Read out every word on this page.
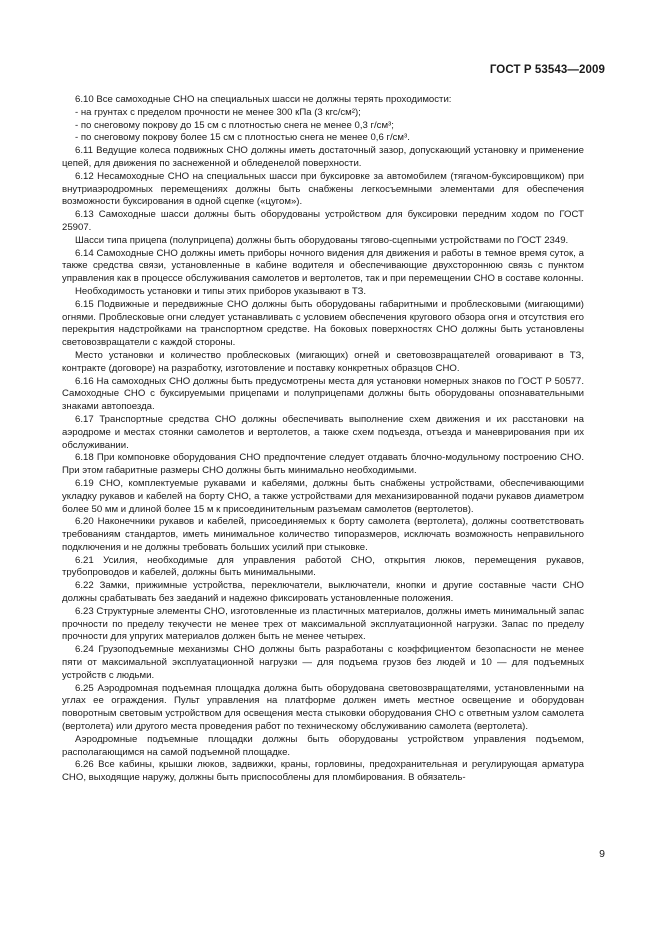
ГОСТ Р 53543—2009

6.10 Все самоходные СНО на специальных шасси не должны терять проходимости:

- на грунтах с пределом прочности не менее 300 кПа (3 кгс/см²);

- по снеговому покрову до 15 см с плотностью снега не менее 0,3 г/см³;

- по снеговому покрову более 15 см с плотностью снега не менее 0,6 г/см³.

6.11 Ведущие колеса подвижных СНО должны иметь достаточный зазор, допускающий установку и применение цепей, для движения по заснеженной и обледенелой поверхности.

6.12 Несамоходные СНО на специальных шасси при буксировке за автомобилем (тягачом-буксировщиком) при внутриаэродромных перемещениях должны быть снабжены легкосъемными элементами для обеспечения возможности буксирования в одной сцепке («цугом»).

6.13 Самоходные шасси должны быть оборудованы устройством для буксировки передним ходом по ГОСТ 25907.

Шасси типа прицепа (полуприцепа) должны быть оборудованы тягово-сцепными устройствами по ГОСТ 2349.

6.14 Самоходные СНО должны иметь приборы ночного видения для движения и работы в темное время суток, а также средства связи, установленные в кабине водителя и обеспечивающие двухстороннюю связь с пунктом управления как в процессе обслуживания самолетов и вертолетов, так и при перемещении СНО в составе колонны.

Необходимость установки и типы этих приборов указывают в ТЗ.

6.15 Подвижные и передвижные СНО должны быть оборудованы габаритными и проблесковыми (мигающими) огнями. Проблесковые огни следует устанавливать с условием обеспечения кругового обзора огня и отсутствия его перекрытия надстройками на транспортном средстве. На боковых поверхностях СНО должны быть установлены световозвращатели с каждой стороны.

Место установки и количество проблесковых (мигающих) огней и световозвращателей оговаривают в ТЗ, контракте (договоре) на разработку, изготовление и поставку конкретных образцов СНО.

6.16 На самоходных СНО должны быть предусмотрены места для установки номерных знаков по ГОСТ Р 50577. Самоходные СНО с буксируемыми прицепами и полуприцепами должны быть оборудованы опознавательными знаками автопоезда.

6.17 Транспортные средства СНО должны обеспечивать выполнение схем движения и их расстановки на аэродроме и местах стоянки самолетов и вертолетов, а также схем подъезда, отъезда и маневрирования при их обслуживании.

6.18 При компоновке оборудования СНО предпочтение следует отдавать блочно-модульному построению СНО. При этом габаритные размеры СНО должны быть минимально необходимыми.

6.19 СНО, комплектуемые рукавами и кабелями, должны быть снабжены устройствами, обеспечивающими укладку рукавов и кабелей на борту СНО, а также устройствами для механизированной подачи рукавов диаметром более 50 мм и длиной более 15 м к присоединительным разъемам самолетов (вертолетов).

6.20 Наконечники рукавов и кабелей, присоединяемых к борту самолета (вертолета), должны соответствовать требованиям стандартов, иметь минимальное количество типоразмеров, исключать возможность неправильного подключения и не должны требовать больших усилий при стыковке.

6.21 Усилия, необходимые для управления работой СНО, открытия люков, перемещения рукавов, трубопроводов и кабелей, должны быть минимальными.

6.22 Замки, прижимные устройства, переключатели, выключатели, кнопки и другие составные части СНО должны срабатывать без заеданий и надежно фиксировать установленные положения.

6.23 Структурные элементы СНО, изготовленные из пластичных материалов, должны иметь минимальный запас прочности по пределу текучести не менее трех от максимальной эксплуатационной нагрузки. Запас по пределу прочности для упругих материалов должен быть не менее четырех.

6.24 Грузоподъемные механизмы СНО должны быть разработаны с коэффициентом безопасности не менее пяти от максимальной эксплуатационной нагрузки — для подъема грузов без людей и 10 — для подъемных устройств с людьми.

6.25 Аэродромная подъемная площадка должна быть оборудована световозвращателями, установленными на углах ее ограждения. Пульт управления на платформе должен иметь местное освещение и оборудован поворотным световым устройством для освещения места стыковки оборудования СНО с ответным узлом самолета (вертолета) или другого места проведения работ по техническому обслуживанию самолета (вертолета).

Аэродромные подъемные площадки должны быть оборудованы устройством управления подъемом, располагающимся на самой подъемной площадке.

6.26 Все кабины, крышки люков, задвижки, краны, горловины, предохранительная и регулирующая арматура СНО, выходящие наружу, должны быть приспособлены для пломбирования. В обязатель-

9
